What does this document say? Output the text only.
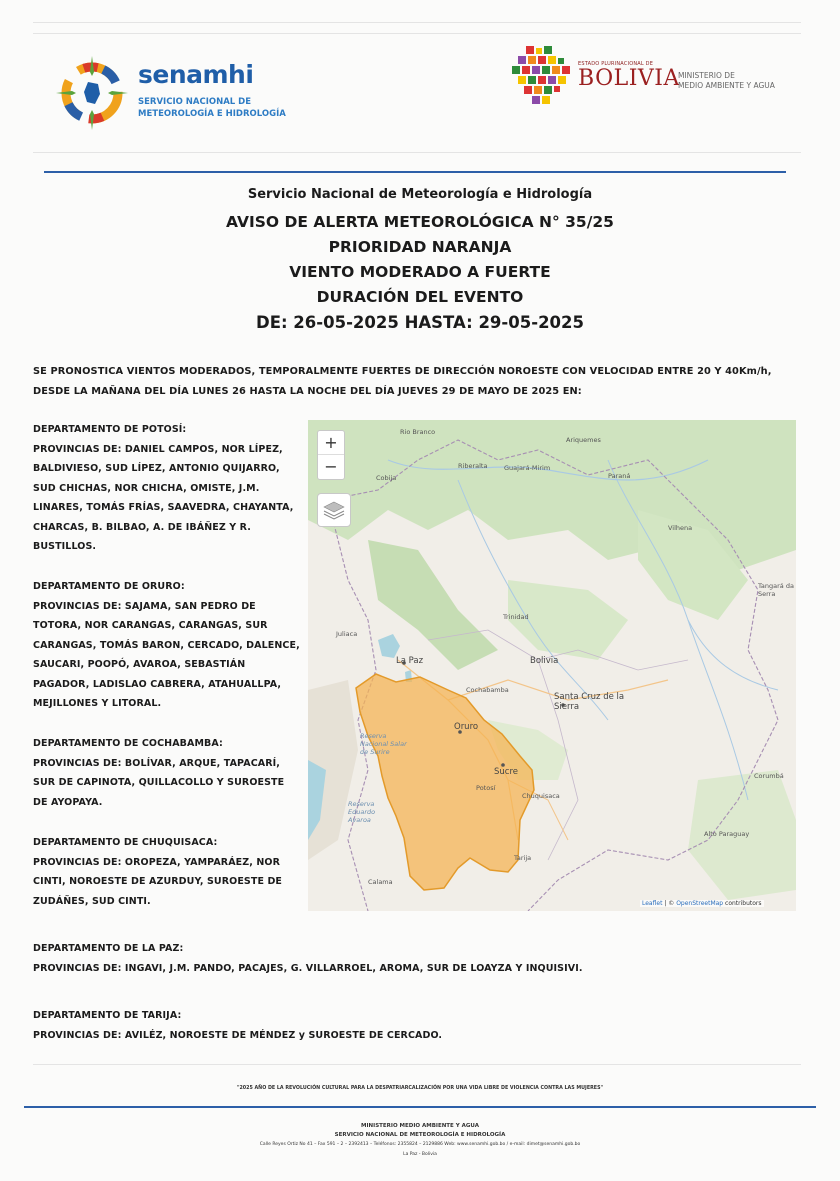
senamhi
SERVICIO NACIONAL DE METEOROLOGÍA E HIDROLOGÍA
ESTADO PLURINACIONAL DE
BOLIVIA
MINISTERIO DE
MEDIO AMBIENTE Y AGUA
Servicio Nacional de Meteorología e Hidrología
AVISO DE ALERTA METEOROLÓGICA N° 35/25
PRIORIDAD NARANJA
VIENTO MODERADO A FUERTE
DURACIÓN DEL EVENTO
DE: 26-05-2025 HASTA: 29-05-2025
SE PRONOSTICA VIENTOS MODERADOS, TEMPORALMENTE FUERTES DE DIRECCIÓN NOROESTE CON VELOCIDAD ENTRE 20 Y 40Km/h, DESDE LA MAÑANA DEL DÍA LUNES 26 HASTA LA NOCHE DEL DÍA JUEVES 29 DE MAYO DE 2025 EN:
DEPARTAMENTO DE POTOSÍ:
PROVINCIAS DE: DANIEL CAMPOS, NOR LÍPEZ, BALDIVIESO, SUD LÍPEZ, ANTONIO QUIJARRO, SUD CHICHAS, NOR CHICHA, OMISTE, J.M. LINARES, TOMÁS FRÍAS, SAAVEDRA, CHAYANTA, CHARCAS, B. BILBAO, A. DE IBÁÑEZ Y R. BUSTILLOS.
DEPARTAMENTO DE ORURO:
PROVINCIAS DE: SAJAMA, SAN PEDRO DE TOTORA, NOR CARANGAS, CARANGAS, SUR CARANGAS, TOMÁS BARON, CERCADO, DALENCE, SAUCARI, POOPÓ, AVAROA, SEBASTIÁN PAGADOR, LADISLAO CABRERA, ATAHUALLPA, MEJILLONES Y LITORAL.
DEPARTAMENTO DE COCHABAMBA:
PROVINCIAS DE: BOLÍVAR, ARQUE, TAPACARÍ, SUR DE CAPINOTA, QUILLACOLLO Y SUROESTE DE AYOPAYA.
DEPARTAMENTO DE CHUQUISACA:
PROVINCIAS DE: OROPEZA, YAMPARÁEZ, NOR CINTI, NOROESTE DE AZURDUY, SUROESTE DE ZUDÁÑES, SUD CINTI.
DEPARTAMENTO DE LA PAZ:
PROVINCIAS DE: INGAVI, J.M. PANDO, PACAJES, G. VILLARROEL, AROMA, SUR DE LOAYZA Y INQUISIVI.
DEPARTAMENTO DE TARIJA:
PROVINCIAS DE: AVILÉZ, NOROESTE DE MÉNDEZ y SUROESTE DE CERCADO.
Rio Branco
Ariquemes
Riberalta
Cobija
Guajará-Mirim
Paraná
Vilhena
Tangará da Serra
Trinidad
La Paz	Bolivia
Juliaca
Cochabamba
Santa Cruz de la Sierra
Oruro
Sucre
Potosí
Corumbá
Chuquisaca
Alto Paraguay
Tarija
Calama
Reserva Nacional Salar de Surire
Reserva Eduardo Avaroa
+
−
Leaflet | © OpenStreetMap contributors
"2025 AÑO DE LA REVOLUCIÓN CULTURAL PARA LA DESPATRIARCALIZACIÓN POR UNA VIDA LIBRE DE VIOLENCIA CONTRA LAS MUJERES"
MINISTERIO MEDIO AMBIENTE Y AGUA
SERVICIO NACIONAL DE METEOROLOGÍA E HIDROLOGÍA
Calle Reyes Ortiz No 41 – Fax 591 – 2 – 2392413 – Teléfonos: 2355824 – 2129886 Web: www.senamhi.gob.bo / e-mail: dimet@senamhi.gob.bo
La Paz - Bolivia
